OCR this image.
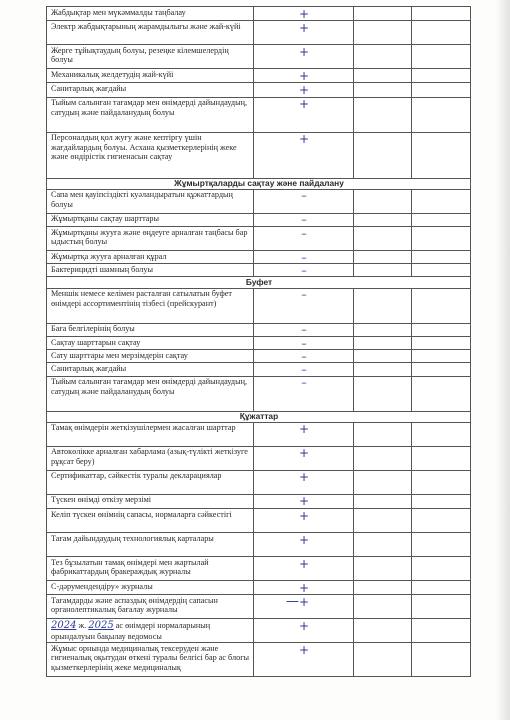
Жабдықтар мен мүкәммалды таңбалау	+		
Электр жабдықтарының жарамдылығы және жай-күйі	+		
Жерге тұйықтаудың болуы, резеңке кілемшелердің болуы	+		
Механикалық желдетудің жай-күйі	+		
Санитарлық жағдайы	+		
Тыйым салынған тағамдар мен өнімдерді дайындаудың, сатудың және пайдаланудың болуы	+		
Персоналдың қол жуғу және кептіргу үшін жағдайлардың болуы. Асхана қызметкерлерінің жеке және өндірістік гигиенасын сақтау	+		
Жұмыртқаларды сақтау және пайдалану			
Сапа мен қауіпсіздікті куәландыратын құжаттардың болуы	–		
Жұмыртқаны сақтау шарттары	–		
Жұмыртқаны жууға және өңдеуге арналған таңбасы бар ыдыстың болуы	–		
Жұмыртқа жууға арналған құрал	–		
Бактерицидті шамның болуы	–		
Буфет			
Меншік немесе келімен расталған сатылатын буфет өнімдері ассортиментінің тізбесі (прейскурант)	–		
Баға белгілерінің болуы	–		
Сақтау шарттарын сақтау	–		
Сату шарттары мен мерзімдерін сақтау	–		
Санитарлық жағдайы	–		
Тыйым салынған тағамдар мен өнімдерді дайындаудың, сатудың және пайдаланудың болуы	–		
Құжаттар			
Тамақ өнімдерін жеткізушілермен жасалған шарттар	+		
Автокөлікке арналған хабарлама (азық-түлікті жеткізуге рұқсат беру)	+		
Сертификаттар, сәйкестік туралы декларациялар	+		
Түскен өнімді өткізу мерзімі	+		
Келіп түскен өнімнің сапасы, нормаларға сәйкестігі	+		
Тағам дайындаудың технологиялық карталары	+		
Тез бұзылатын тамақ өнімдері мен жартылай фабрикаттардың бракераждық журналы	+		
С-дәрумендендіру» журналы	+		
Тағамдарды және аспаздық өнімдердің сапасын органолептикалық бағалау журналы	+		
2024 ж. 2025 ас өнімдері нормаларының орындалуын бақылау ведомосы	+		
Жұмыс орнында медициналық тексеруден және гигиеналық оқытудан өткені туралы белгісі бар ас блогы қызметкерлерінің жеке медициналық	+		
—
